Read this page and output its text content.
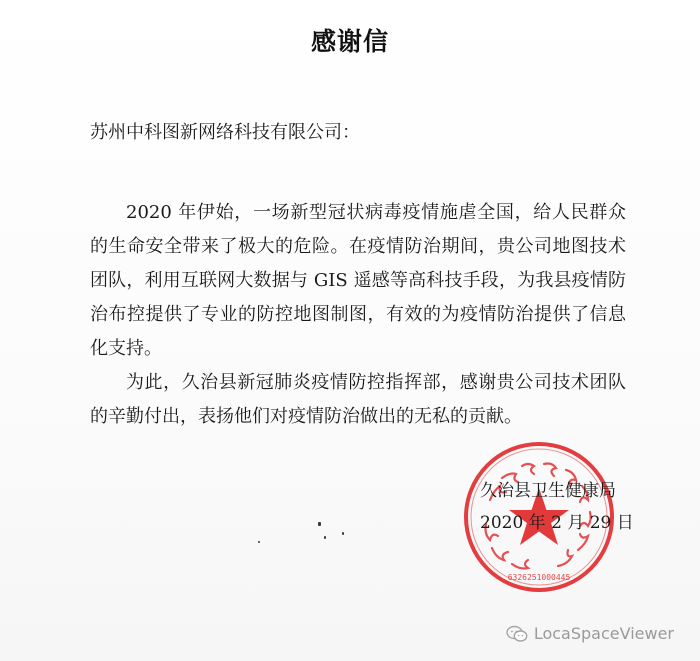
感谢信
苏州中科图新网络科技有限公司：

2020 年伊始，一场新型冠状病毒疫情施虐全国，给人民群众的生命安全带来了极大的危险。在疫情防治期间，贵公司地图技术团队，利用互联网大数据与 GIS 遥感等高科技手段，为我县疫情防治布控提供了专业的防控地图制图，有效的为疫情防治提供了信息化支持。

为此，久治县新冠肺炎疫情防控指挥部，感谢贵公司技术团队的辛勤付出，表扬他们对疫情防治做出的无私的贡献。

6326251000445
久治县卫生健康局
2020 年 2 月 29 日
LocaSpaceViewer
